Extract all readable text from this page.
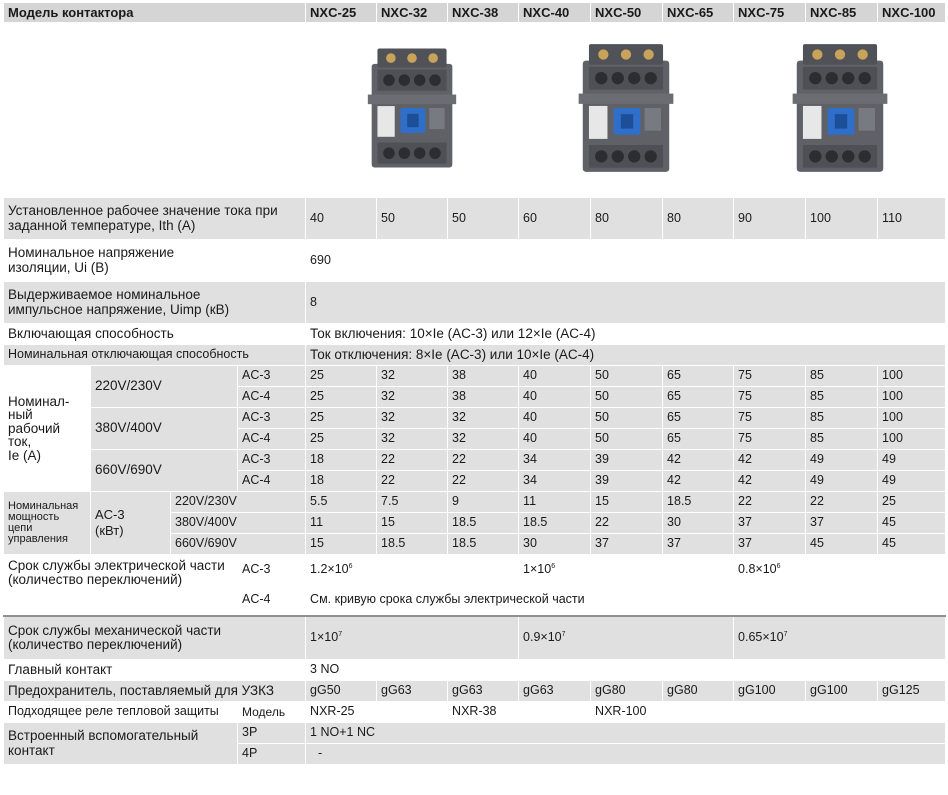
Модель контактора				NXC-25	NXC-32	NXC-38	NXC-40	NXC-50	NXC-65	NXC-75	NXC-85	NXC-100

Установленное рабочее значение тока при заданной температуре, Ith (А)				40	50	50	60	80	80	90	100	110
Номинальное напряжение изоляции, Ui (В)				690								
Выдерживаемое номинальное импульсное напряжение, Uimp (кВ)				8								
Включающая способность				Ток включения: 10×Ie (AC-3) или 12×Ie (AC-4)								
Номинальная отключающая способность				Ток отключения: 8×Ie (AC-3) или 10×Ie (AC-4)								
Номинал-
ный
рабочий
ток,
Ie (А)	220V/230V		AC-3	25	32	38	40	50	65	75	85	100
			AC-4	25	32	38	40	50	65	75	85	100
	380V/400V		AC-3	25	32	32	40	50	65	75	85	100
			AC-4	25	32	32	40	50	65	75	85	100
	660V/690V		AC-3	18	22	22	34	39	42	42	49	49
			AC-4	18	22	22	34	39	42	42	49	49
Номинальная
мощность
цепи
управления	AC-3
(кВт)	220V/230V		5.5	7.5	9	11	15	18.5	22	22	25
		380V/400V		11	15	18.5	18.5	22	30	37	37	45
		660V/690V		15	18.5	18.5	30	37	37	37	45	45
Срок службы электрической части
(количество переключений)			AC-3	$1.2\times 10^6$			$1\times 10^6$			$0.8\times 10^6$
			AC-4	См. кривую срока службы электрической части								
Срок службы механической части
(количество переключений)				$1\times 10^7$			$0.9\times 10^7$			$0.65\times 10^7$
Главный контакт				3 NO								
Предохранитель, поставляемый для УЗКЗ				gG50	gG63	gG63	gG63	gG80	gG80	gG100	gG100	gG125
Подходящее реле тепловой защиты			Модель	NXR-25		NXR-38		NXR-100				
Встроенный вспомогательный
контакт			3P	1 NO+1 NC								
			4P	-								
